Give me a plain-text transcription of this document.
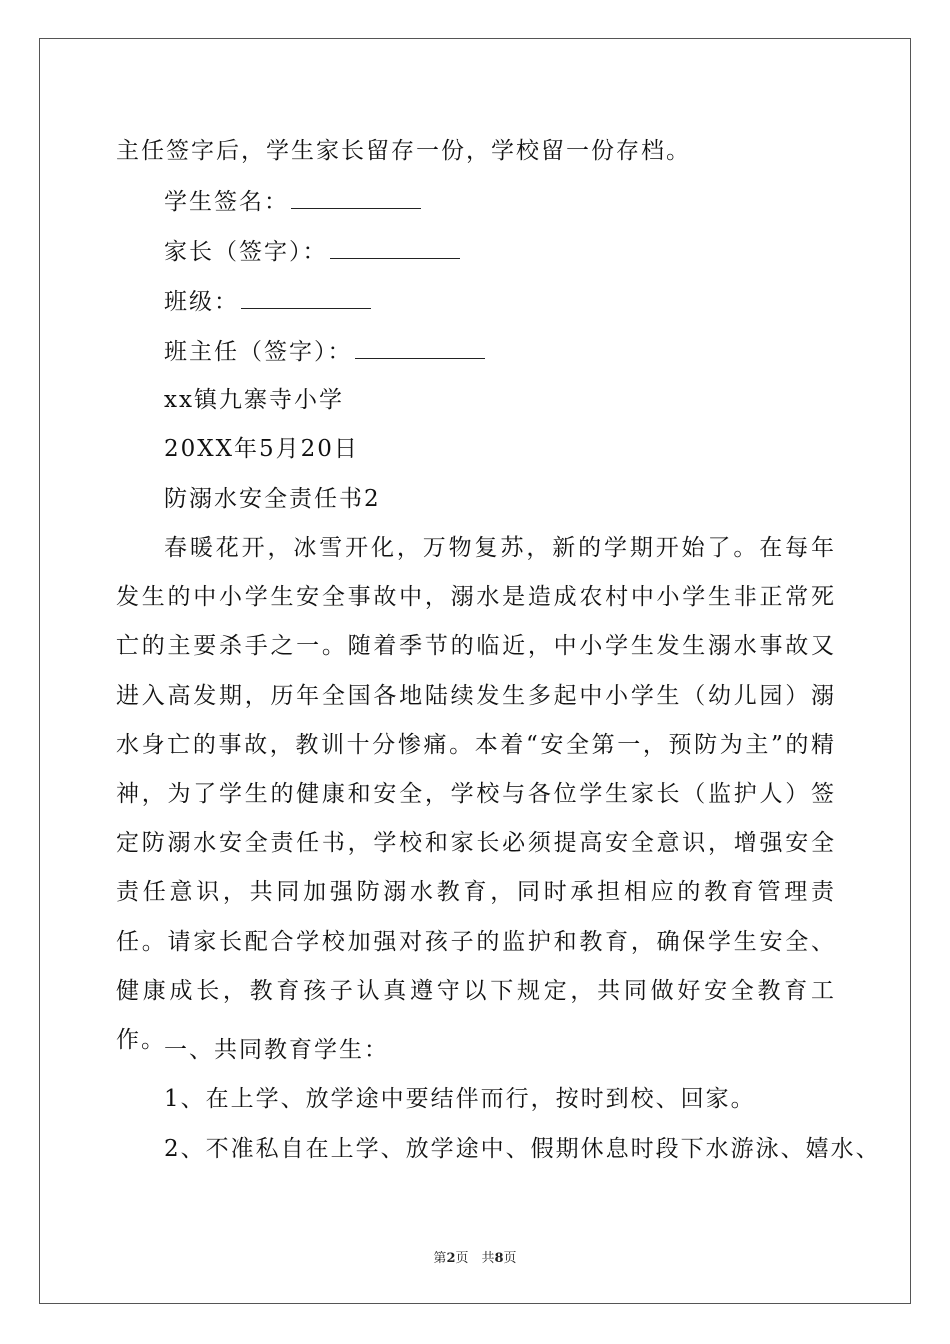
主任签字后，学生家长留存一份，学校留一份存档。
学生签名：
家长（签字）：
班级：
班主任（签字）：
xx镇九寨寺小学
20XX年5月20日
防溺水安全责任书2
春暖花开，冰雪开化，万物复苏，新的学期开始了。在每年发生的中小学生安全事故中，溺水是造成农村中小学生非正常死亡的主要杀手之一。随着季节的临近，中小学生发生溺水事故又进入高发期，历年全国各地陆续发生多起中小学生（幼儿园）溺水身亡的事故，教训十分惨痛。本着“安全第一，预防为主”的精神，为了学生的健康和安全，学校与各位学生家长（监护人）签定防溺水安全责任书，学校和家长必须提高安全意识，增强安全责任意识，共同加强防溺水教育，同时承担相应的教育管理责任。请家长配合学校加强对孩子的监护和教育，确保学生安全、健康成长，教育孩子认真遵守以下规定，共同做好安全教育工作。
一、共同教育学生：
1、在上学、放学途中要结伴而行，按时到校、回家。
2、不准私自在上学、放学途中、假期休息时段下水游泳、嬉水、
第2页　共8页
